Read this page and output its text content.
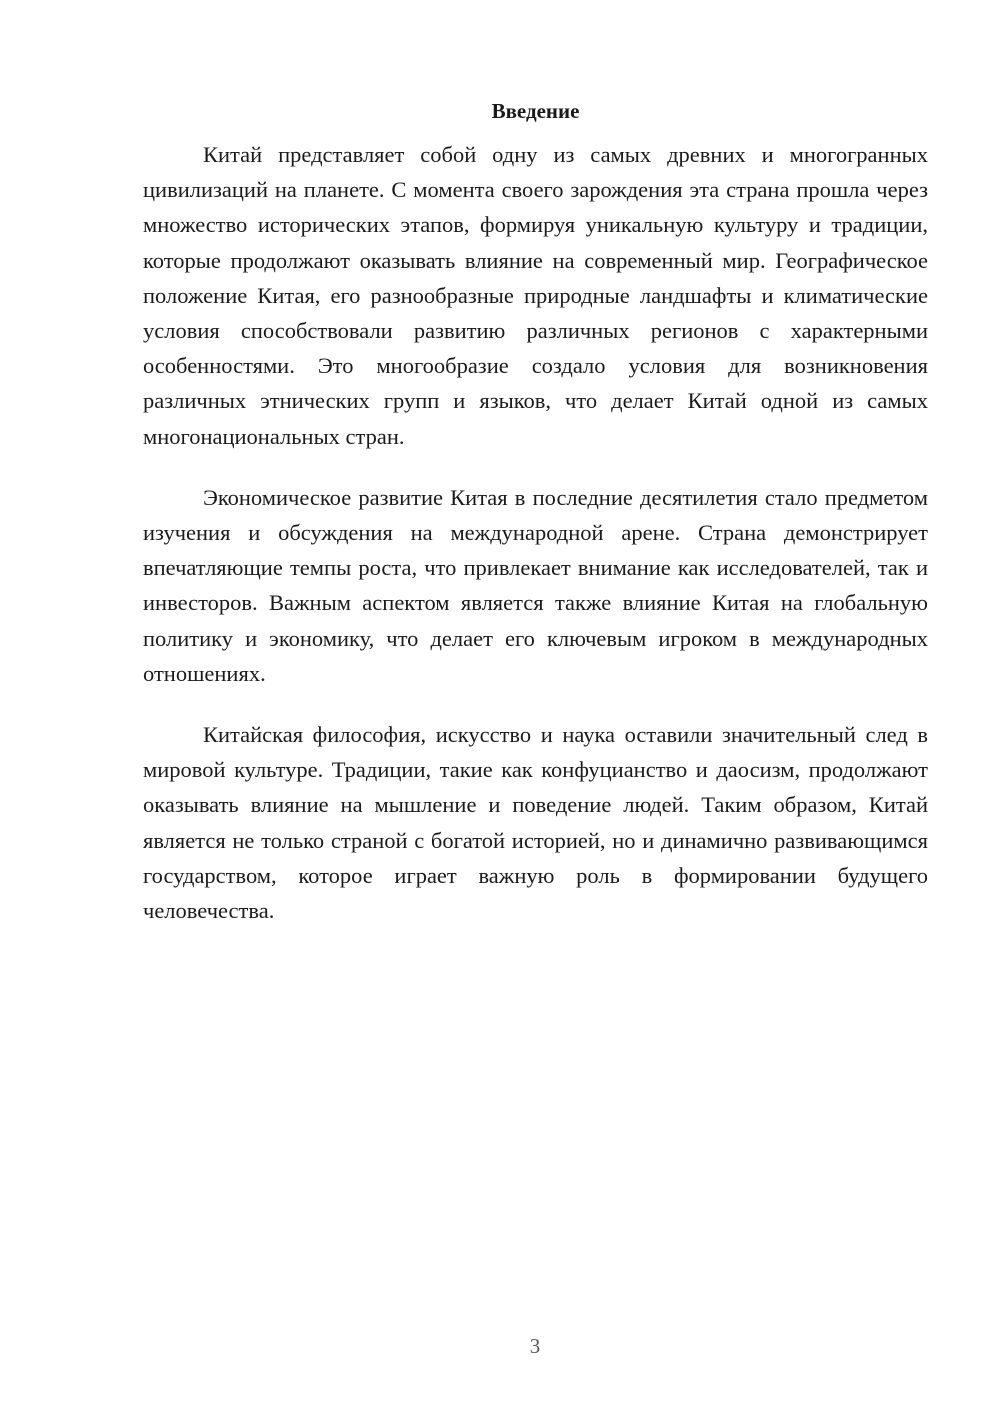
Введение

Китай представляет собой одну из самых древних и многогранных цивилизаций на планете. С момента своего зарождения эта страна прошла через множество исторических этапов, формируя уникальную культуру и традиции, которые продолжают оказывать влияние на современный мир. Географическое положение Китая, его разнообразные природные ландшафты и климатические условия способствовали развитию различных регионов с характерными особенностями. Это многообразие создало условия для возникновения различных этнических групп и языков, что делает Китай одной из самых многонациональных стран.

Экономическое развитие Китая в последние десятилетия стало предметом изучения и обсуждения на международной арене. Страна демонстрирует впечатляющие темпы роста, что привлекает внимание как исследователей, так и инвесторов. Важным аспектом является также влияние Китая на глобальную политику и экономику, что делает его ключевым игроком в международных отношениях.

Китайская философия, искусство и наука оставили значительный след в мировой культуре. Традиции, такие как конфуцианство и даосизм, продолжают оказывать влияние на мышление и поведение людей. Таким образом, Китай является не только страной с богатой историей, но и динамично развивающимся государством, которое играет важную роль в формировании будущего человечества.

3
